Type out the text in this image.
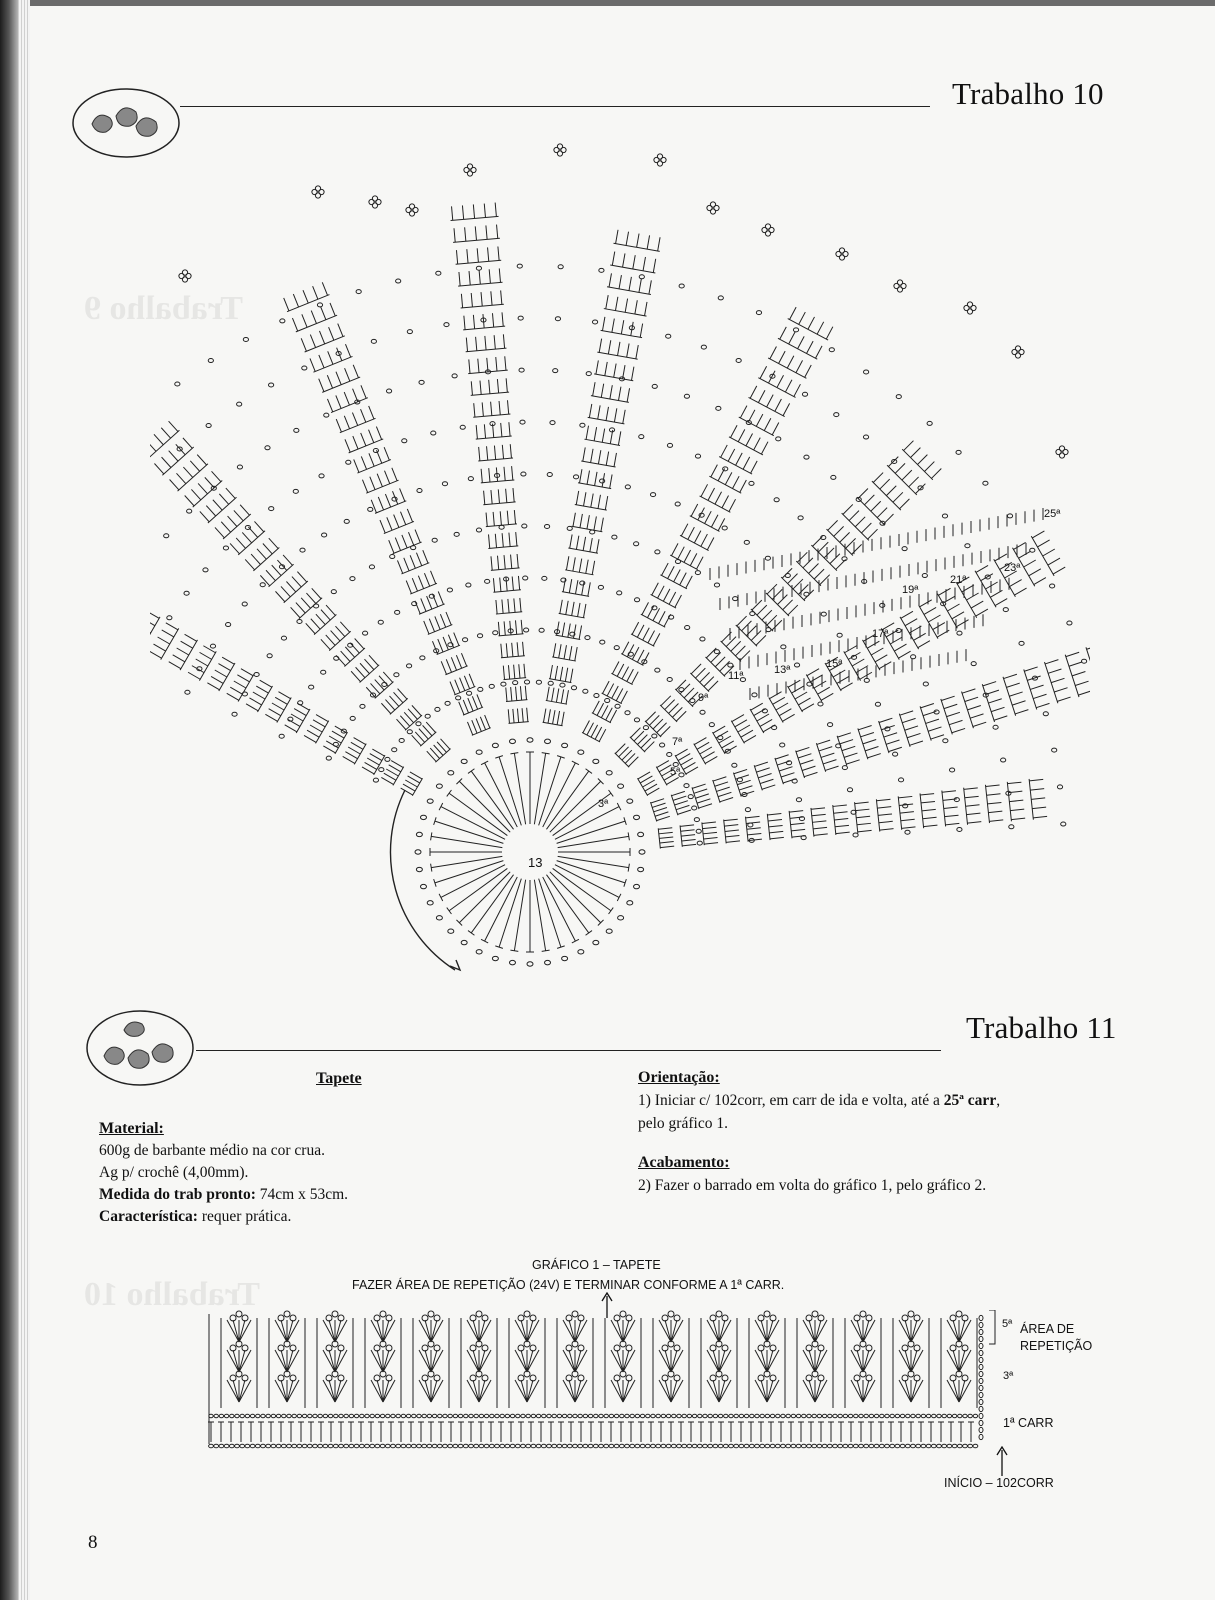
Trabalho 9
Trabalho 10
Trabalho 10
13
3ª
5ª
7ª
9ª
11ª	13ª	15ª
17ª
19ª
21ª
23ª
25ª
Trabalho 11
Tapete
Material:
600g de barbante médio na cor crua.
Ag p/ crochê (4,00mm).
Medida do trab pronto: 74cm x 53cm.
Característica: requer prática.
Orientação:
1) Iniciar c/ 102corr, em carr de ida e volta, até a 25ª carr,
pelo gráfico 1.
Acabamento:
2) Fazer o barrado em volta do gráfico 1, pelo gráfico 2.
GRÁFICO 1 – TAPETE
FAZER ÁREA DE REPETIÇÃO (24V) E TERMINAR CONFORME A 1ª CARR.
5ª ÁREA DE
REPETIÇÃO
3ª
1ª CARR
INÍCIO – 102CORR
8
